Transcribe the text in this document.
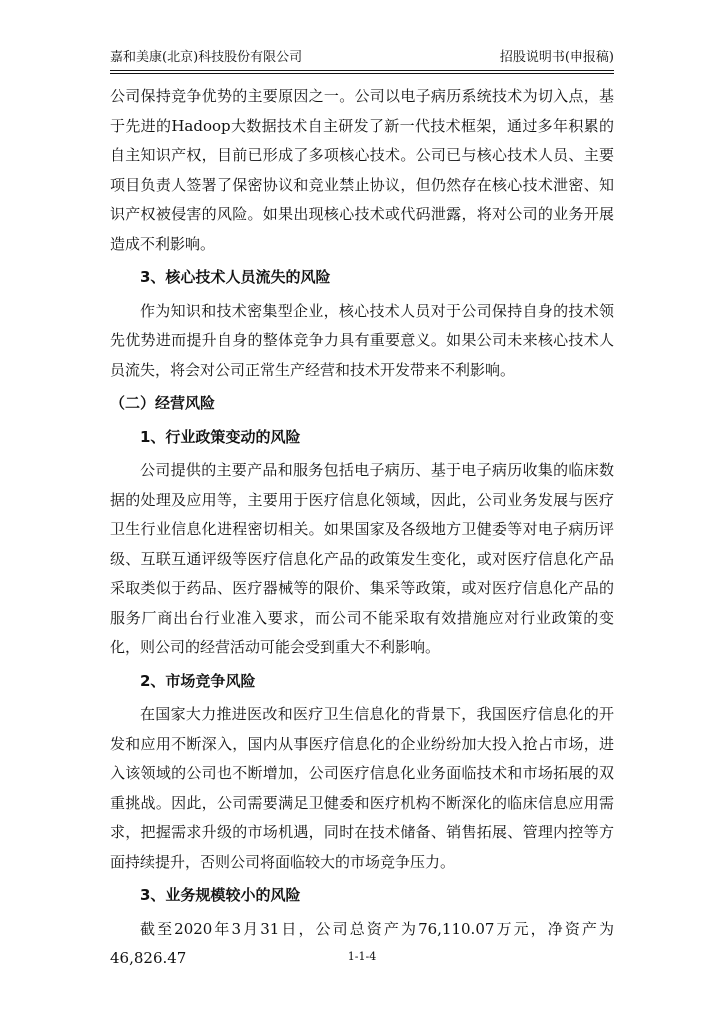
嘉和美康(北京)科技股份有限公司	招股说明书(申报稿)

公司保持竞争优势的主要原因之一。公司以电子病历系统技术为切入点，基于先进的Hadoop大数据技术自主研发了新一代技术框架，通过多年积累的自主知识产权，目前已形成了多项核心技术。公司已与核心技术人员、主要项目负责人签署了保密协议和竞业禁止协议，但仍然存在核心技术泄密、知识产权被侵害的风险。如果出现核心技术或代码泄露，将对公司的业务开展造成不利影响。

3、核心技术人员流失的风险

作为知识和技术密集型企业，核心技术人员对于公司保持自身的技术领先优势进而提升自身的整体竞争力具有重要意义。如果公司未来核心技术人员流失，将会对公司正常生产经营和技术开发带来不利影响。

（二）经营风险
1、行业政策变动的风险

公司提供的主要产品和服务包括电子病历、基于电子病历收集的临床数据的处理及应用等，主要用于医疗信息化领域，因此，公司业务发展与医疗卫生行业信息化进程密切相关。如果国家及各级地方卫健委等对电子病历评级、互联互通评级等医疗信息化产品的政策发生变化，或对医疗信息化产品采取类似于药品、医疗器械等的限价、集采等政策，或对医疗信息化产品的服务厂商出台行业准入要求，而公司不能采取有效措施应对行业政策的变化，则公司的经营活动可能会受到重大不利影响。

2、市场竞争风险

在国家大力推进医改和医疗卫生信息化的背景下，我国医疗信息化的开发和应用不断深入，国内从事医疗信息化的企业纷纷加大投入抢占市场，进入该领域的公司也不断增加，公司医疗信息化业务面临技术和市场拓展的双重挑战。因此，公司需要满足卫健委和医疗机构不断深化的临床信息应用需求，把握需求升级的市场机遇，同时在技术储备、销售拓展、管理内控等方面持续提升，否则公司将面临较大的市场竞争压力。

3、业务规模较小的风险

截至2020年3月31日，公司总资产为76,110.07万元，净资产为46,826.47	1-1-4
